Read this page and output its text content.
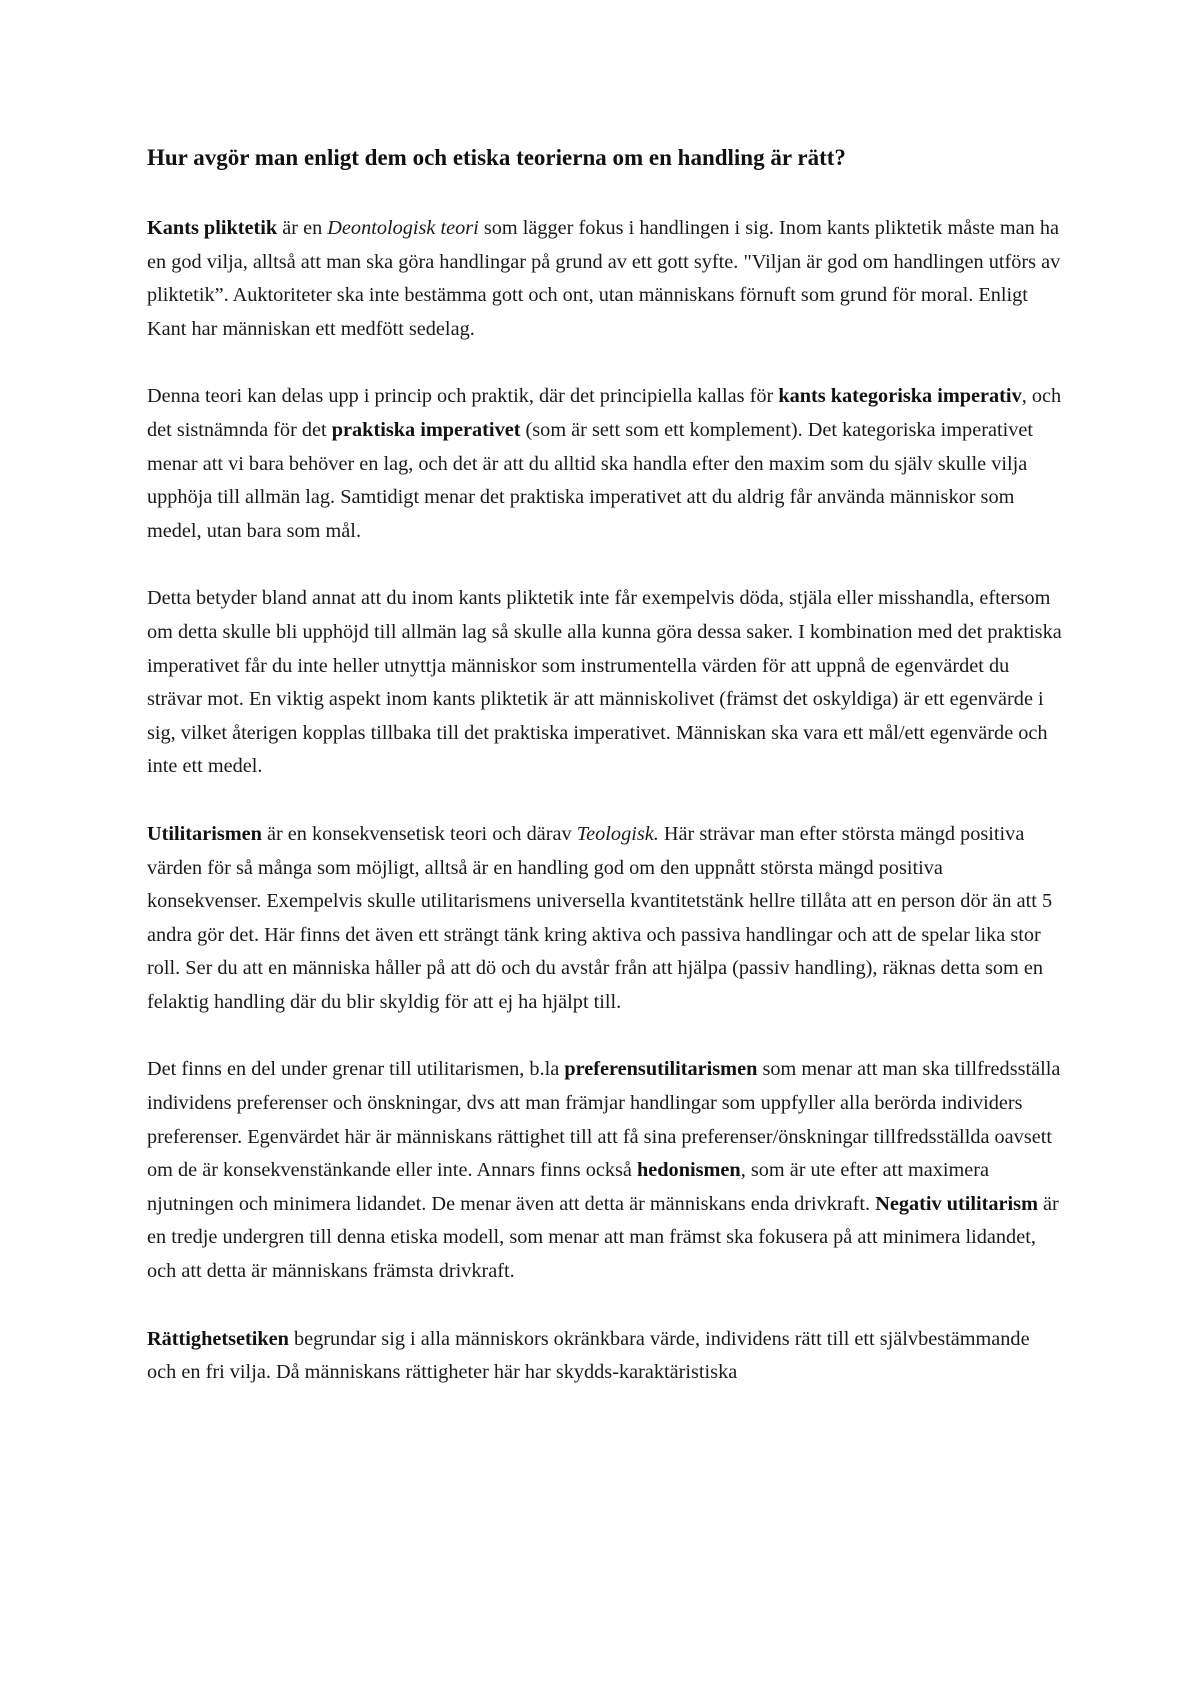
Hur avgör man enligt dem och etiska teorierna om en handling är rätt?

Kants pliktetik är en Deontologisk teori som lägger fokus i handlingen i sig. Inom kants pliktetik måste man ha en god vilja, alltså att man ska göra handlingar på grund av ett gott syfte. "Viljan är god om handlingen utförs av pliktetik”. Auktoriteter ska inte bestämma gott och ont, utan människans förnuft som grund för moral. Enligt Kant har människan ett medfött sedelag.

Denna teori kan delas upp i princip och praktik, där det principiella kallas för kants kategoriska imperativ, och det sistnämnda för det praktiska imperativet (som är sett som ett komplement). Det kategoriska imperativet menar att vi bara behöver en lag, och det är att du alltid ska handla efter den maxim som du själv skulle vilja upphöja till allmän lag. Samtidigt menar det praktiska imperativet att du aldrig får använda människor som medel, utan bara som mål.

Detta betyder bland annat att du inom kants pliktetik inte får exempelvis döda, stjäla eller misshandla, eftersom om detta skulle bli upphöjd till allmän lag så skulle alla kunna göra dessa saker. I kombination med det praktiska imperativet får du inte heller utnyttja människor som instrumentella värden för att uppnå de egenvärdet du strävar mot. En viktig aspekt inom kants pliktetik är att människolivet (främst det oskyldiga) är ett egenvärde i sig, vilket återigen kopplas tillbaka till det praktiska imperativet. Människan ska vara ett mål/ett egenvärde och inte ett medel.

Utilitarismen är en konsekvensetisk teori och därav Teologisk. Här strävar man efter största mängd positiva värden för så många som möjligt, alltså är en handling god om den uppnått största mängd positiva konsekvenser. Exempelvis skulle utilitarismens universella kvantitetstänk hellre tillåta att en person dör än att 5 andra gör det. Här finns det även ett strängt tänk kring aktiva och passiva handlingar och att de spelar lika stor roll. Ser du att en människa håller på att dö och du avstår från att hjälpa (passiv handling), räknas detta som en felaktig handling där du blir skyldig för att ej ha hjälpt till.

Det finns en del under grenar till utilitarismen, b.la preferensutilitarismen som menar att man ska tillfredsställa individens preferenser och önskningar, dvs att man främjar handlingar som uppfyller alla berörda individers preferenser. Egenvärdet här är människans rättighet till att få sina preferenser/önskningar tillfredsställda oavsett om de är konsekvenstänkande eller inte. Annars finns också hedonismen, som är ute efter att maximera njutningen och minimera lidandet. De menar även att detta är människans enda drivkraft. Negativ utilitarism är en tredje undergren till denna etiska modell, som menar att man främst ska fokusera på att minimera lidandet, och att detta är människans främsta drivkraft.

Rättighetsetiken begrundar sig i alla människors okränkbara värde, individens rätt till ett självbestämmande och en fri vilja. Då människans rättigheter här har skydds-karaktäristiska
